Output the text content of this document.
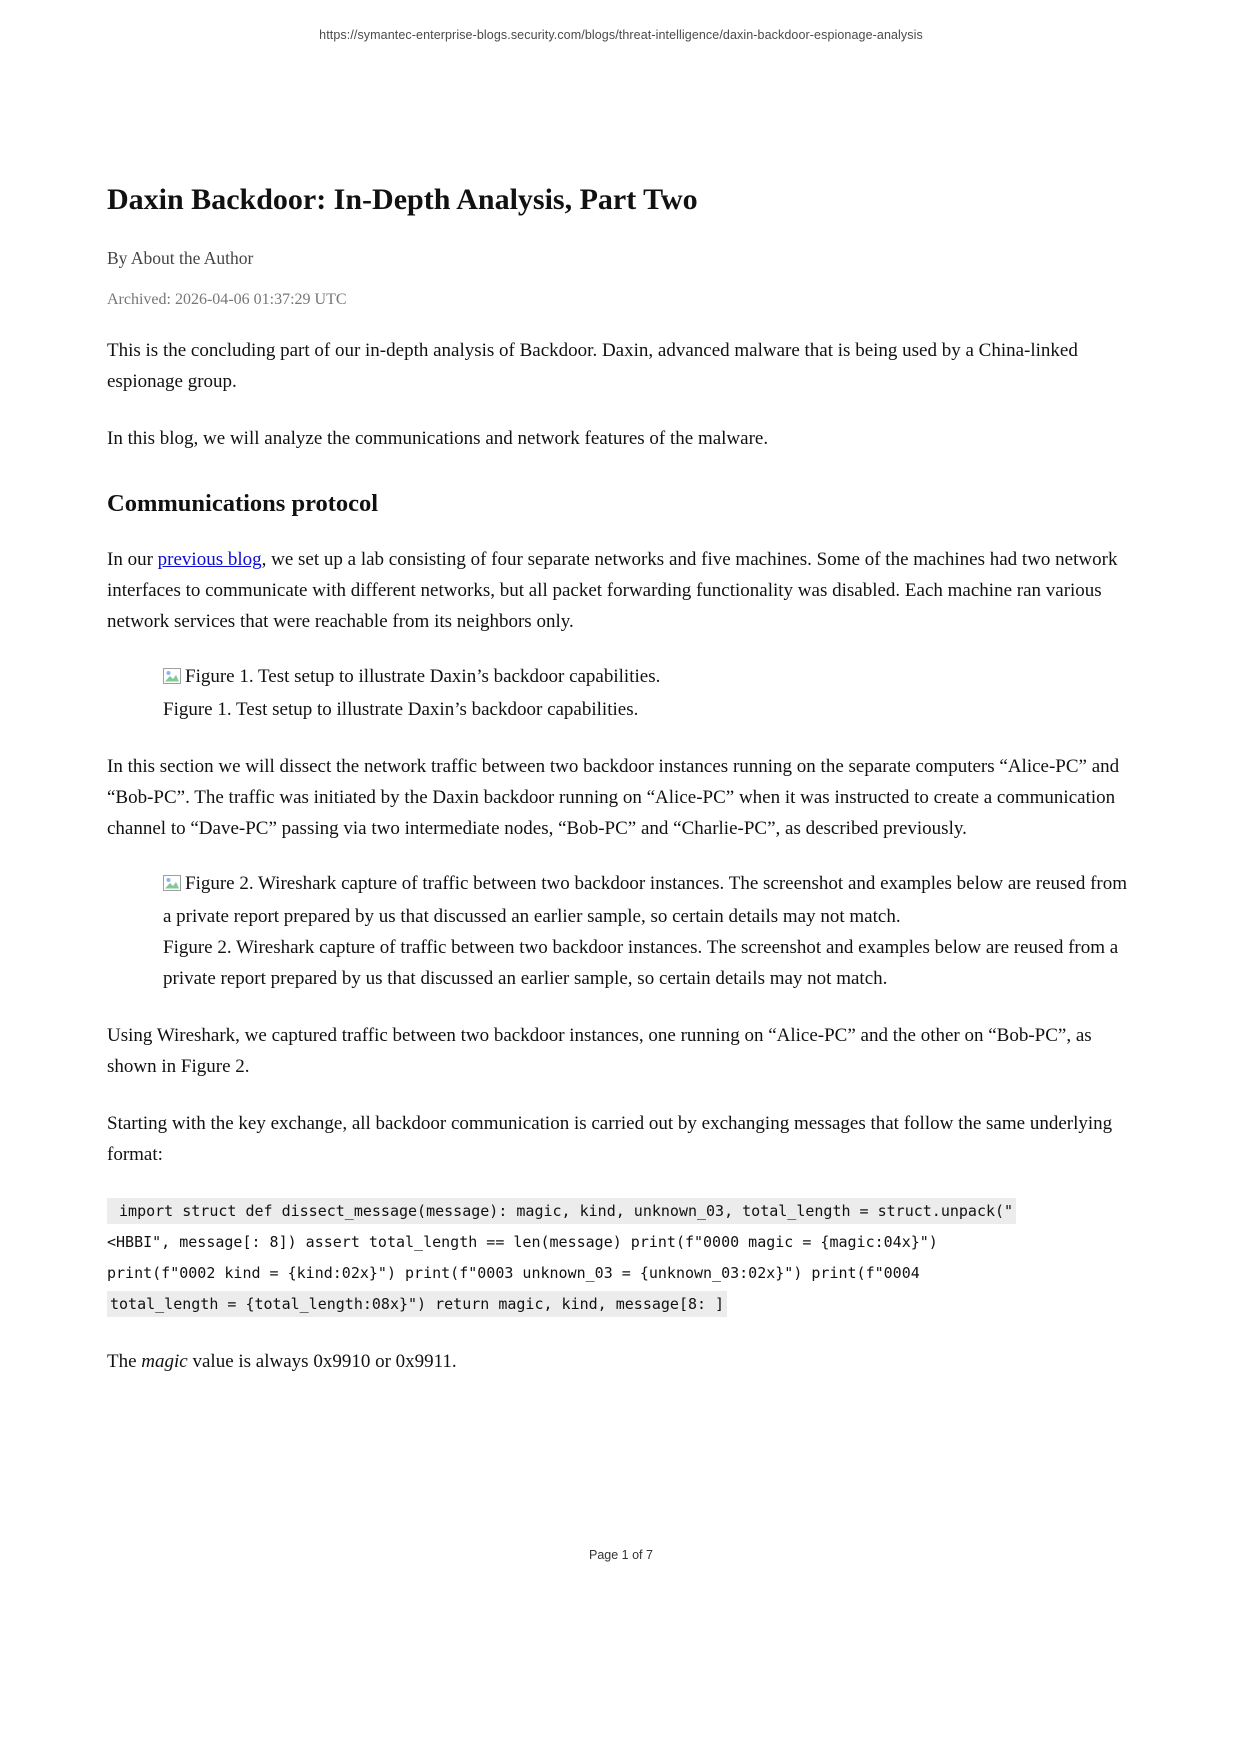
https://symantec-enterprise-blogs.security.com/blogs/threat-intelligence/daxin-backdoor-espionage-analysis
Daxin Backdoor: In-Depth Analysis, Part Two
By About the Author
Archived: 2026-04-06 01:37:29 UTC

This is the concluding part of our in-depth analysis of Backdoor. Daxin, advanced malware that is being used by a China-linked espionage group.

In this blog, we will analyze the communications and network features of the malware.

Communications protocol

In our previous blog, we set up a lab consisting of four separate networks and five machines. Some of the machines had two network interfaces to communicate with different networks, but all packet forwarding functionality was disabled. Each machine ran various network services that were reachable from its neighbors only.

Figure 1. Test setup to illustrate Daxin’s backdoor capabilities.
Figure 1. Test setup to illustrate Daxin’s backdoor capabilities.

In this section we will dissect the network traffic between two backdoor instances running on the separate computers “Alice-PC” and “Bob-PC”. The traffic was initiated by the Daxin backdoor running on “Alice-PC” when it was instructed to create a communication channel to “Dave-PC” passing via two intermediate nodes, “Bob-PC” and “Charlie-PC”, as described previously.

Figure 2. Wireshark capture of traffic between two backdoor instances. The screenshot and examples below are reused from a private report prepared by us that discussed an earlier sample, so certain details may not match.
Figure 2. Wireshark capture of traffic between two backdoor instances. The screenshot and examples below are reused from a private report prepared by us that discussed an earlier sample, so certain details may not match.

Using Wireshark, we captured traffic between two backdoor instances, one running on “Alice-PC” and the other on “Bob-PC”, as shown in Figure 2.

Starting with the key exchange, all backdoor communication is carried out by exchanging messages that follow the same underlying format:

import struct def dissect_message(message): magic, kind, unknown_03, total_length = struct.unpack("
<HBBI", message[: 8]) assert total_length == len(message) print(f"0000 magic = {magic:04x}")
print(f"0002 kind = {kind:02x}") print(f"0003 unknown_03 = {unknown_03:02x}") print(f"0004
total_length = {total_length:08x}") return magic, kind, message[8: ]

The magic value is always 0x9910 or 0x9911.

Page 1 of 7
